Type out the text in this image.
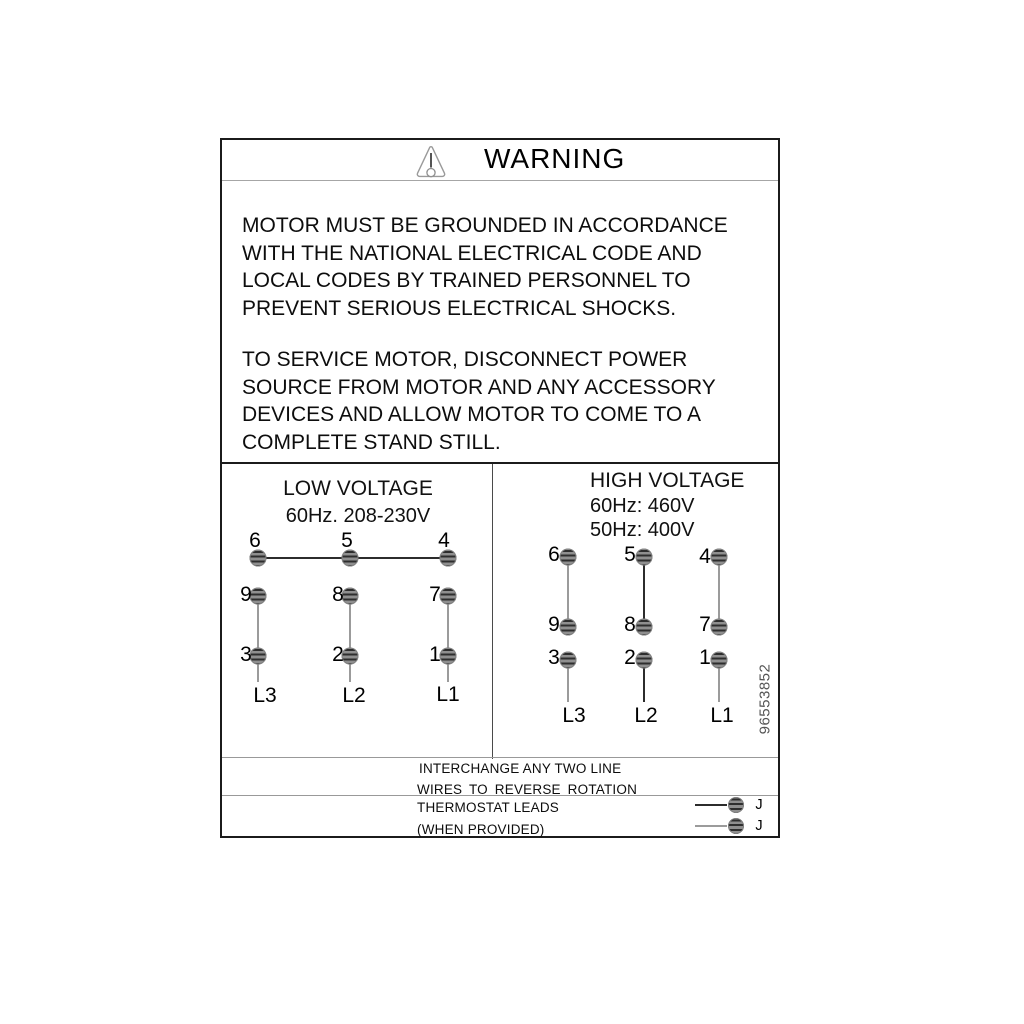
WARNING
MOTOR MUST BE GROUNDED IN ACCORDANCE
WITH THE NATIONAL ELECTRICAL CODE AND
LOCAL CODES BY TRAINED PERSONNEL TO
PREVENT SERIOUS ELECTRICAL SHOCKS.
TO SERVICE MOTOR, DISCONNECT POWER
SOURCE FROM MOTOR AND ANY ACCESSORY
DEVICES AND ALLOW MOTOR TO COME TO A
COMPLETE STAND STILL.
LOW VOLTAGE
60Hz. 208-230V
6	5	4
9	8	7
3	2	1
L3	L2	L1
HIGH VOLTAGE
60Hz: 460V
50Hz: 400V
6	5	4
9	8	7
3	2	1
L3 L2	L1 96553852
INTERCHANGE ANY TWO LINE
WIRES TO REVERSE ROTATION
THERMOSTAT LEADS
(WHEN PROVIDED)
J
J
